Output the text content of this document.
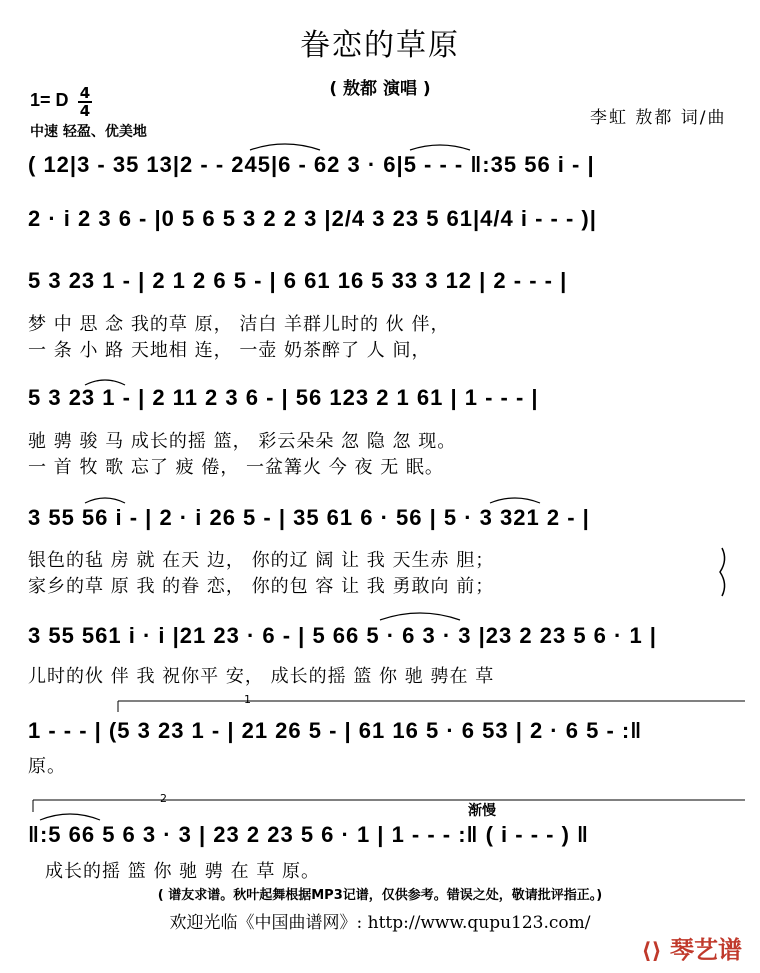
眷恋的草原
( 敖都 演唱 )
1= D 4
4
中速 轻盈、优美地
李虹 敖都 词/曲
( 12|3 - 35 13|2 - - 245|6 - 62 3 · 6|5 - - - ‖:35 56 i - |
2 · i 2 3 6 - |0 5 6 5 3 2 2 3 |2/4 3 23 5 61|4/4 i - - - )|
5 3 23 1 - | 2 1 2 6 5 - | 6 61 16 5 33 3 12 | 2 - - - |
梦 中 思 念 我的草 原， 洁白 羊群儿时的 伙 伴，
一 条 小 路 天地相 连， 一壶 奶茶醉了 人 间，
5 3 23 1 - | 2 11 2 3 6 - | 56 123 2 1 61 | 1 - - - |
驰 骋 骏 马 成长的摇 篮， 彩云朵朵 忽 隐 忽 现。
一 首 牧 歌 忘了 疲 倦， 一盆篝火 今 夜 无 眠。
3 55 56 i - | 2 · i 26 5 - | 35 61 6 · 56 | 5 · 3 321 2 - |
银色的毡 房 就 在天 边， 你的辽 阔 让 我 天生赤 胆；
家乡的草 原 我 的眷 恋， 你的包 容 让 我 勇敢向 前；
3 55 561 i · i |21 23 · 6 - | 5 66 5 · 6 3 · 3 |23 2 23 5 6 · 1 |
儿时的伙 伴 我 祝你平 安， 成长的摇 篮 你 驰 骋在 草
1 - - - | (5 3 23 1 - | 21 26 5 - | 61 16 5 · 6 53 | 2 · 6 5 - :‖
原。
渐慢
‖:5 66 5 6 3 · 3 | 23 2 23 5 6 · 1 | 1 - - - :‖ ( i - - - ) ‖
成长的摇 篮 你 驰 骋 在 草 原。
1
2
( 谱友求谱。秋叶起舞根据MP3记谱，仅供参考。错误之处，敬请批评指正。)
欢迎光临《中国曲谱网》: http://www.qupu123.com/
⟨⟩ 琴艺谱
